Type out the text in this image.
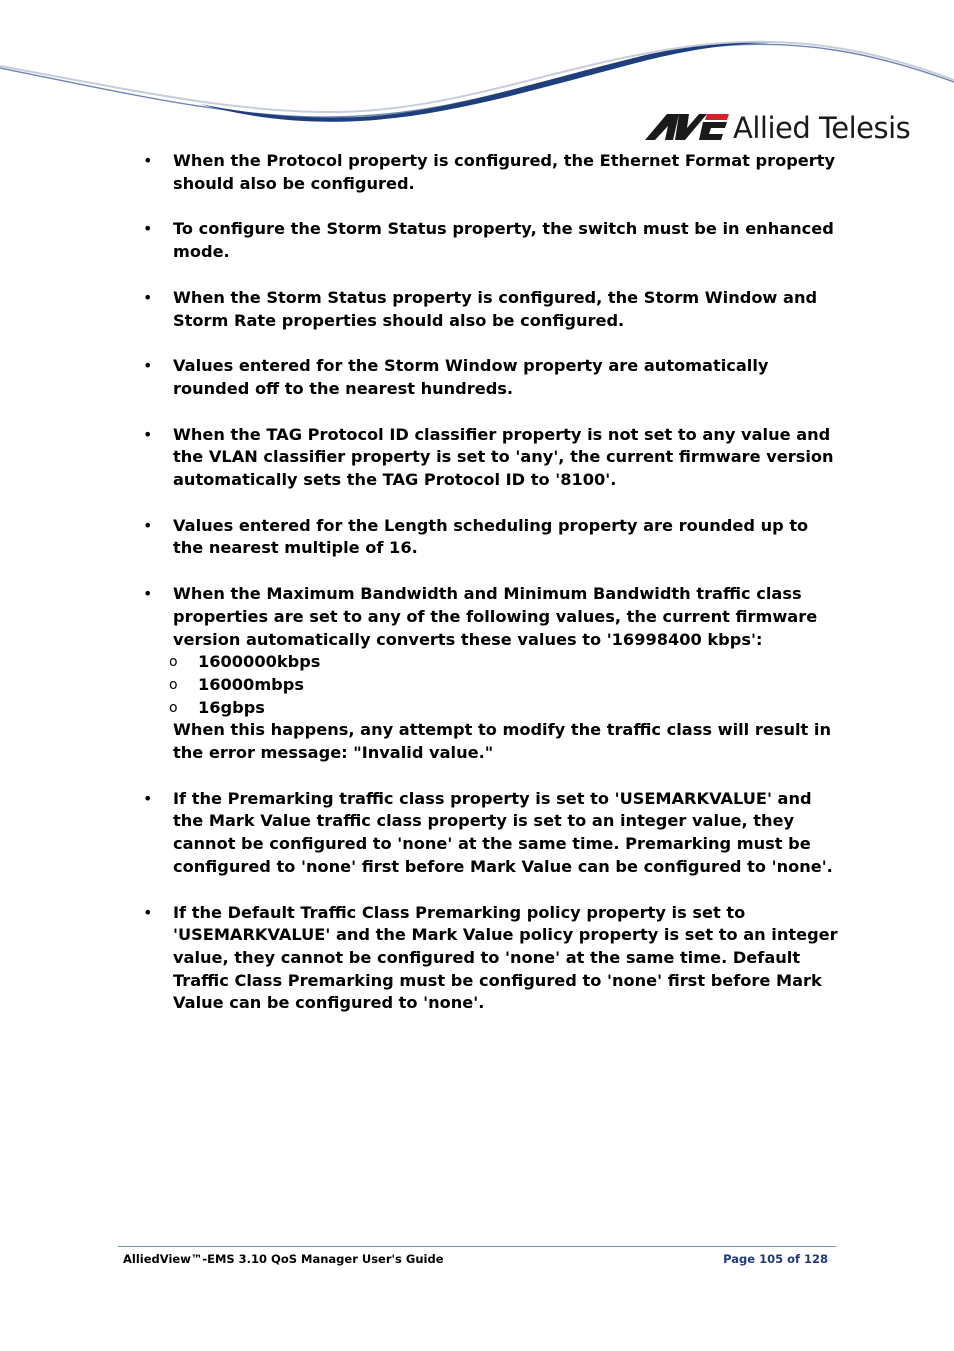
Allied Telesis
• When the Protocol property is configured, the Ethernet Format property should also be configured.
• To configure the Storm Status property, the switch must be in enhanced mode.
• When the Storm Status property is configured, the Storm Window and Storm Rate properties should also be configured.
• Values entered for the Storm Window property are automatically rounded off to the nearest hundreds.
• When the TAG Protocol ID classifier property is not set to any value and the VLAN classifier property is set to 'any', the current firmware version automatically sets the TAG Protocol ID to '8100'.
• Values entered for the Length scheduling property are rounded up to the nearest multiple of 16.
• When the Maximum Bandwidth and Minimum Bandwidth traffic class properties are set to any of the following values, the current firmware version automatically converts these values to '16998400 kbps':
o 1600000kbps
o 16000mbps
o 16gbps
When this happens, any attempt to modify the traffic class will result in the error message: "Invalid value."
• If the Premarking traffic class property is set to 'USEMARKVALUE' and the Mark Value traffic class property is set to an integer value, they cannot be configured to 'none' at the same time. Premarking must be configured to 'none' first before Mark Value can be configured to 'none'.
• If the Default Traffic Class Premarking policy property is set to 'USEMARKVALUE' and the Mark Value policy property is set to an integer value, they cannot be configured to 'none' at the same time. Default Traffic Class Premarking must be configured to 'none' first before Mark Value can be configured to 'none'.
AlliedView™-EMS 3.10 QoS Manager User's Guide	Page 105 of 128
